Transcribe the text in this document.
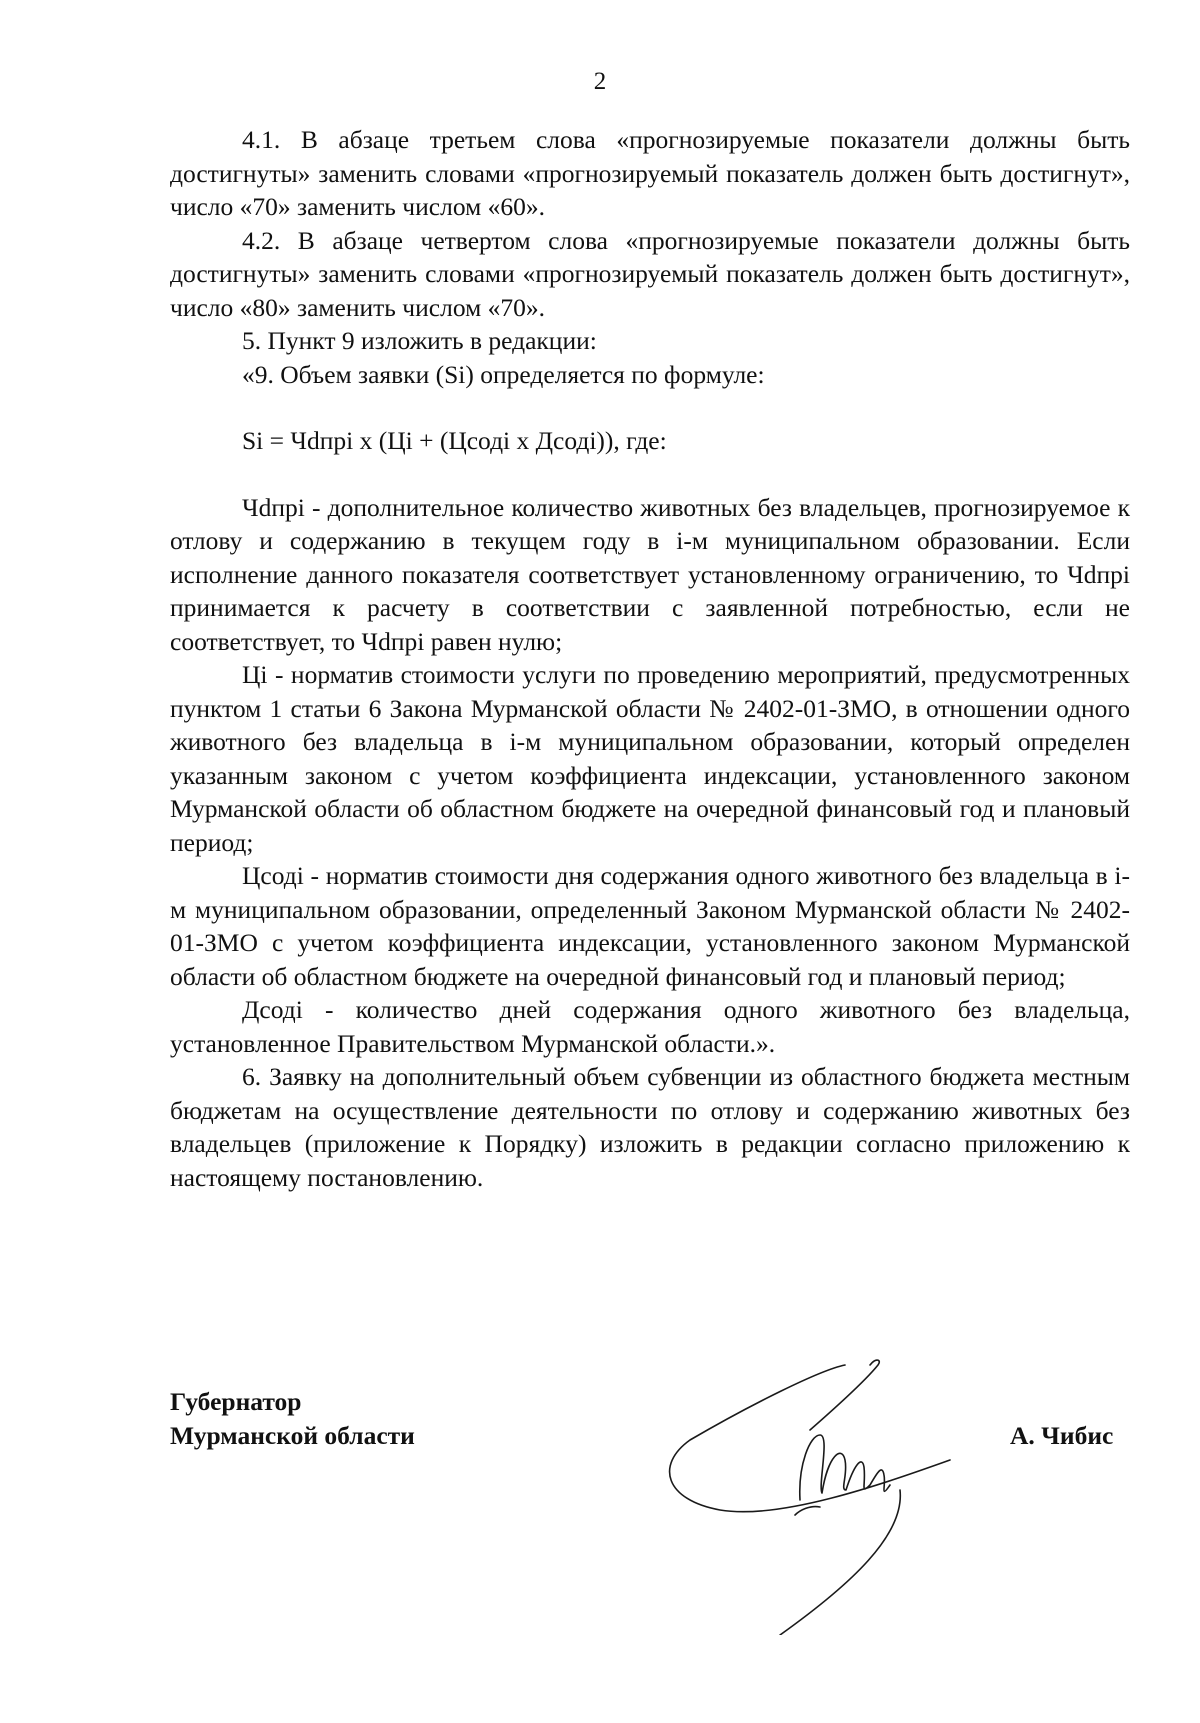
2

4.1. В абзаце третьем слова «прогнозируемые показатели должны быть достигнуты» заменить словами «прогнозируемый показатель должен быть достигнут», число «70» заменить числом «60».

4.2. В абзаце четвертом слова «прогнозируемые показатели должны быть достигнуты» заменить словами «прогнозируемый показатель должен быть достигнут», число «80» заменить числом «70».

5. Пункт 9 изложить в редакции:

«9. Объем заявки (Si) определяется по формуле:

Si = Чdпрi x (Цi + (Цсодi x Дсодi)), где:

Чdпрi - дополнительное количество животных без владельцев, прогнозируемое к отлову и содержанию в текущем году в i-м муниципальном образовании. Если исполнение данного показателя соответствует установленному ограничению, то Чdпрi принимается к расчету в соответствии с заявленной потребностью, если не соответствует, то Чdпрi равен нулю;

Цi - норматив стоимости услуги по проведению мероприятий, предусмотренных пунктом 1 статьи 6 Закона Мурманской области № 2402-01-ЗМО, в отношении одного животного без владельца в i-м муниципальном образовании, который определен указанным законом с учетом коэффициента индексации, установленного законом Мурманской области об областном бюджете на очередной финансовый год и плановый период;

Цсодi - норматив стоимости дня содержания одного животного без владельца в i-м муниципальном образовании, определенный Законом Мурманской области № 2402-01-ЗМО с учетом коэффициента индексации, установленного законом Мурманской области об областном бюджете на очередной финансовый год и плановый период;

Дсодi - количество дней содержания одного животного без владельца, установленное Правительством Мурманской области.».

6. Заявку на дополнительный объем субвенции из областного бюджета местным бюджетам на осуществление деятельности по отлову и содержанию животных без владельцев (приложение к Порядку) изложить в редакции согласно приложению к настоящему постановлению.

Губернатор
Мурманской области	А. Чибис
